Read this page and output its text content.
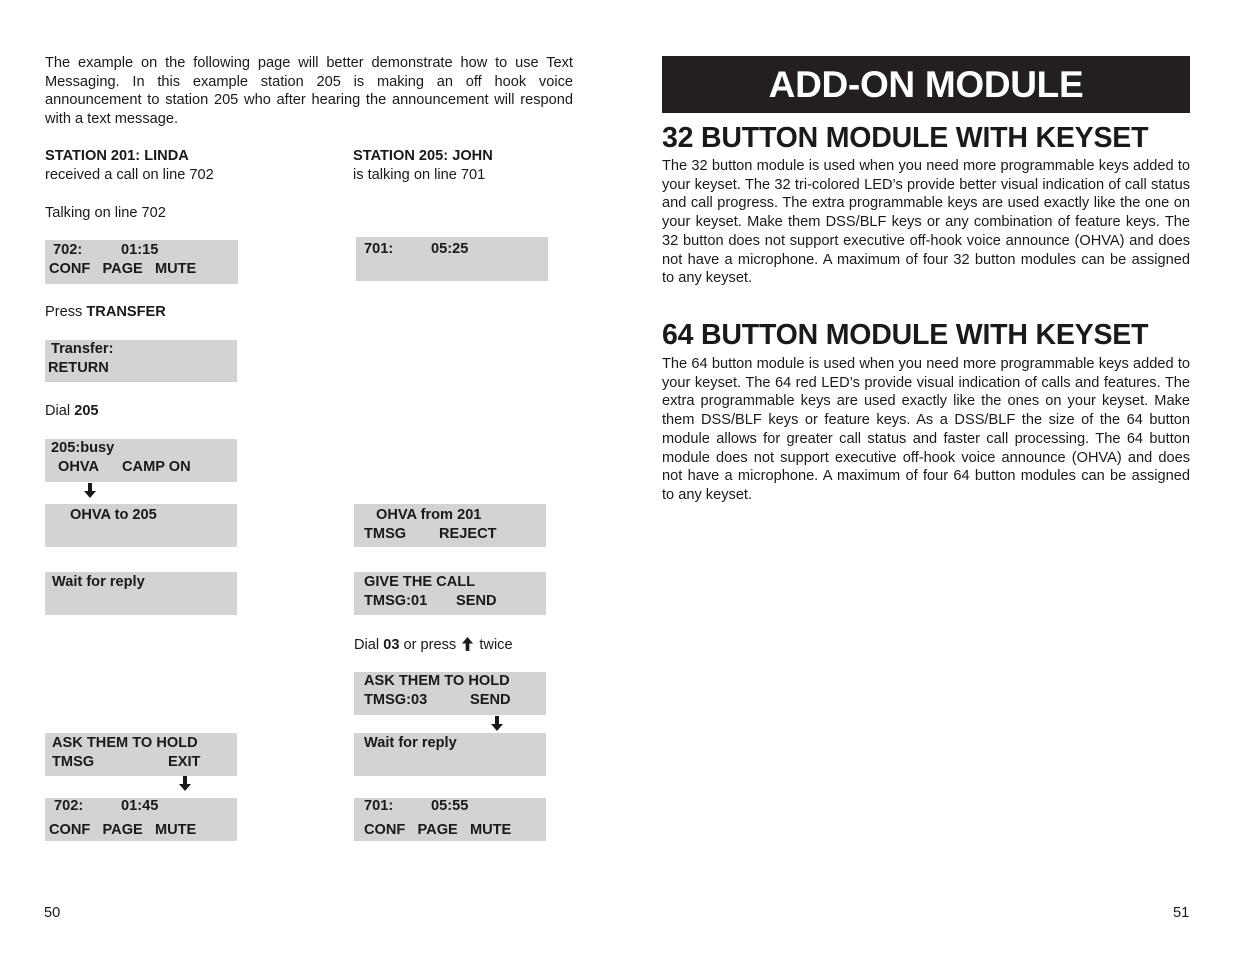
The example on the following page will better demonstrate how to use Text Messaging. In this example station 205 is making an off hook voice announcement to station 205 who after hearing the announcement will respond with a text message.
STATION 201: LINDA
received a call on line 702
STATION 205: JOHN
is talking on line 701
Talking on line 702
702:	01:15
CONF   PAGE   MUTE
Press TRANSFER
Transfer:
RETURN
Dial 205
205:busy
OHVA CAMP ON
OHVA to 205
Wait for reply
ASK THEM TO HOLD
TMSG	EXIT
702:	01:45
CONF   PAGE   MUTE
701:	05:25
OHVA from 201
TMSG REJECT
GIVE THE CALL
TMSG:01 SEND
Dial 03 or press twice
ASK THEM TO HOLD
TMSG:03	SEND
Wait for reply
701:	05:55
CONF   PAGE   MUTE
50
ADD-ON MODULE
32 BUTTON MODULE WITH KEYSET
The 32 button module is used when you need more programmable keys added to your keyset. The 32 tri-colored LED’s provide better visual indication of call status and call progress. The extra programmable keys are used exactly like the one on your keyset. Make them DSS/BLF keys or any combination of feature keys. The 32 button does not support executive off-hook voice announce (OHVA) and does not have a microphone. A maximum of four 32 button modules can be assigned to any keyset.
64 BUTTON MODULE WITH KEYSET
The 64 button module is used when you need more programmable keys added to your keyset. The 64 red LED’s provide visual indication of calls and features. The extra programmable keys are used exactly like the ones on your keyset. Make them DSS/BLF keys or feature keys. As a DSS/BLF the size of the 64 button module allows for greater call status and faster call processing. The 64 button module does not support executive off-hook voice announce (OHVA) and does not have a microphone. A maximum of four 64 button modules can be assigned to any keyset.
51
